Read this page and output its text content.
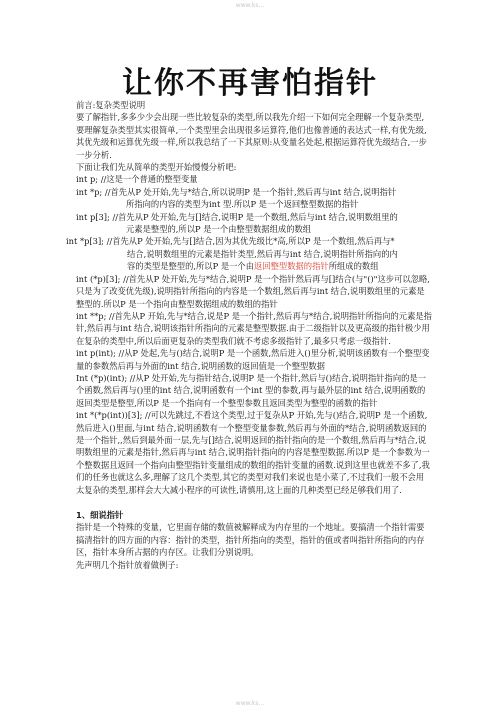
www.ks...
让你不再害怕指针
前言:复杂类型说明
要了解指针,多多少少会出现一些比较复杂的类型,所以我先介绍一下如何完全理解一个复杂类型,要理解复杂类型其实很简单,一个类型里会出现很多运算符,他们也像普通的表达式一样,有优先级,其优先级和运算优先级一样,所以我总结了一下其原则:从变量名处起,根据运算符优先级结合,一步一步分析.
下面让我们先从简单的类型开始慢慢分析吧:
int p; //这是一个普通的整型变量
int *p; //首先从P 处开始,先与*结合,所以说明P 是一个指针,然后再与int 结合,说明指针
所指向的内容的类型为int 型.所以P 是一个返回整型数据的指针
int p[3]; //首先从P 处开始,先与[]结合,说明P 是一个数组,然后与int 结合,说明数组里的
元素是整型的,所以P 是一个由整型数据组成的数组
int *p[3]; //首先从P 处开始,先与[]结合,因为其优先级比*高,所以P 是一个数组,然后再与*
结合,说明数组里的元素是指针类型,然后再与int 结合,说明指针所指向的内
容的类型是整型的,所以P 是一个由返回整型数据的指针所组成的数组
int (*p)[3]; //首先从P 处开始,先与*结合,说明P 是一个指针然后再与[]结合(与"()"这步可以忽略,只是为了改变优先级),说明指针所指向的内容是一个数组,然后再与int 结合,说明数组里的元素是整型的.所以P 是一个指向由整型数据组成的数组的指针
int **p; //首先从P 开始,先与*结合,说是P 是一个指针,然后再与*结合,说明指针所指向的元素是指针,然后再与int 结合,说明该指针所指向的元素是整型数据.由于二级指针以及更高级的指针极少用在复杂的类型中,所以后面更复杂的类型我们就不考虑多级指针了,最多只考虑一级指针.
int p(int); //从P 处起,先与()结合,说明P 是一个函数,然后进入()里分析,说明该函数有一个整型变量的参数然后再与外面的int 结合,说明函数的返回值是一个整型数据
Int (*p)(int); //从P 处开始,先与指针结合,说明P 是一个指针,然后与()结合,说明指针指向的是一个函数,然后再与()里的int 结合,说明函数有一个int 型的参数,再与最外层的int 结合,说明函数的返回类型是整型,所以P 是一个指向有一个整型参数且返回类型为整型的函数的指针
int *(*p(int))[3]; //可以先跳过,不看这个类型,过于复杂从P 开始,先与()结合,说明P 是一个函数,然后进入()里面,与int 结合,说明函数有一个整型变量参数,然后再与外面的*结合,说明函数返回的是一个指针,,然后到最外面一层,先与[]结合,说明返回的指针指向的是一个数组,然后再与*结合,说明数组里的元素是指针,然后再与int 结合,说明指针指向的内容是整型数据.所以P 是一个参数为一个整数据且返回一个指向由整型指针变量组成的数组的指针变量的函数.说到这里也就差不多了,我们的任务也就这么多,理解了这几个类型,其它的类型对我们来说也是小菜了,不过我们一般不会用太复杂的类型,那样会大大减小程序的可读性,请慎用,这上面的几种类型已经足够我们用了.
1、细说指针
指针是一个特殊的变量，它里面存储的数值被解释成为内存里的一个地址。要搞清一个指针需要搞清指针的四方面的内容：指针的类型，指针所指向的类型，指针的值或者叫指针所指向的内存区，指针本身所占据的内存区。让我们分别说明。
先声明几个指针放着做例子:
www.ks...
